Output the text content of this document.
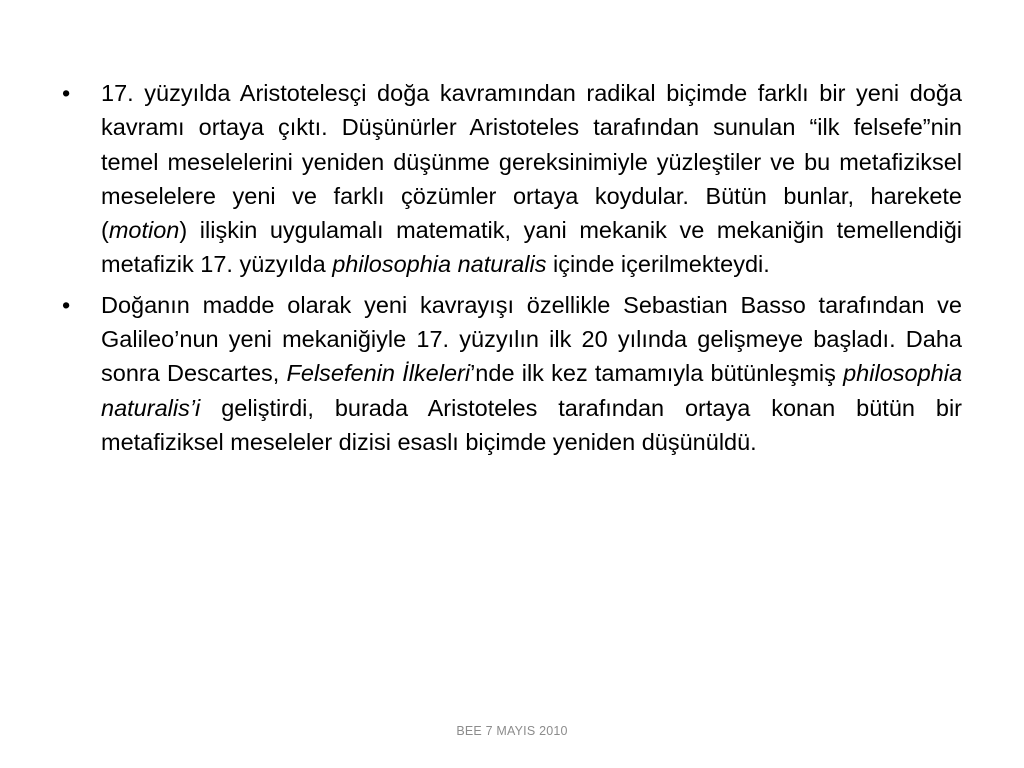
• 17. yüzyılda Aristotelesçi doğa kavramından radikal biçimde farklı bir yeni doğa kavramı ortaya çıktı. Düşünürler Aristoteles tarafından sunulan “ilk felsefe”nin temel meselelerini yeniden düşünme gereksinimiyle yüzleştiler ve bu metafiziksel meselelere yeni ve farklı çözümler ortaya koydular. Bütün bunlar, harekete (motion) ilişkin uygulamalı matematik, yani mekanik ve mekaniğin temellendiği metafizik 17. yüzyılda philosophia naturalis içinde içerilmekteydi.
• Doğanın madde olarak yeni kavrayışı özellikle Sebastian Basso tarafından ve Galileo’nun yeni mekaniğiyle 17. yüzyılın ilk 20 yılında gelişmeye başladı. Daha sonra Descartes, Felsefenin İlkeleri’nde ilk kez tamamıyla bütünleşmiş philosophia naturalis’i geliştirdi, burada Aristoteles tarafından ortaya konan bütün bir metafiziksel meseleler dizisi esaslı biçimde yeniden düşünüldü.
BEE 7 MAYIS 2010
